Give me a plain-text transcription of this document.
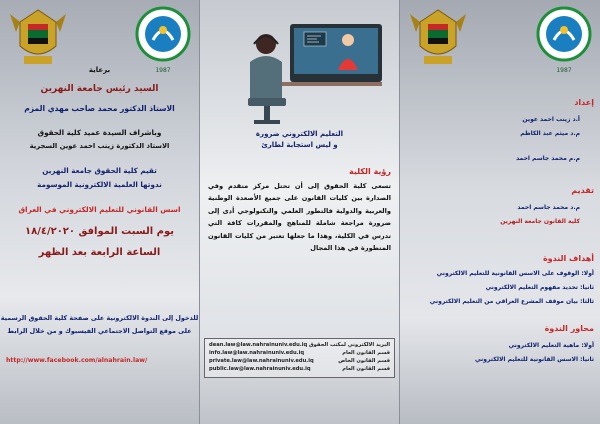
1987
برعاية
السيد رئيس جامعة النهرين
الاستاذ الدكتور محمد صاحب مهدي المزم
وباشراف السيدة عميد كلية الحقوق
الاستاذ الدكتورة زينب احمد عوين السجرية
تقيم كلية الحقوق جامعة النهرين
ندوتها العلمية الالكترونية الموسومة
اسس القانوني للتعليم الالكتروني في العراق
يوم السبت الموافق ١٨/٤/٢٠٢٠
الساعة الرابعة بعد الظهر
للدخول إلى الندوة الالكترونية على صفحة كلية الحقوق الرسمية
على موقع التواصل الاجتماعي الفيسبوك و من خلال الرابط
http://www.facebook.com/alnahrain.law/
التعليم الالكتروني ضرورة
و ليس استجابة لطارئ
رؤية الكلية
تسعى كلية الحقوق إلى أن تحتل مركز متقدم وفي الصدارة بين كليات القانون على جميع الأصعدة الوطنية والعربية والدولية فالتطور العلمي والتكنولوجي أدى إلى ضرورة مراجعة شاملة للمناهج والمقررات كافة التي تدرس في الكلية، وهذا ما جعلها تعتبر من كليات القانون المتطورة في هذا المجال
البريد الالكتروني لمكتب الحقوق
قسم القانون العام
قسم القانون الخاص
قسم القانون العام
dean.law@law.nahrainuniv.edu.iq
info.law@law.nahrainuniv.edu.iq
private.law@law.nahrainuniv.edu.iq
public.law@law.nahrainuniv.edu.iq
1987
إعداد
أ.د زينب احمد عوين
م.د ميثم عبد الكاظم
م.م محمد جاسم احمد
تقديم
م.د محمد جاسم احمد
كلية القانون جامعة النهرين
أهداف الندوة
أولا: الوقوف على الاسس القانونية للتعليم الالكتروني
ثانيا: تحديد مفهوم التعليم الالكتروني
ثالثا: بيان موقف المشرع العراقي من التعليم الالكتروني
محاور الندوة
أولا: ماهية التعليم الالكتروني
ثانيا: الاسس القانونية للتعليم الالكتروني
